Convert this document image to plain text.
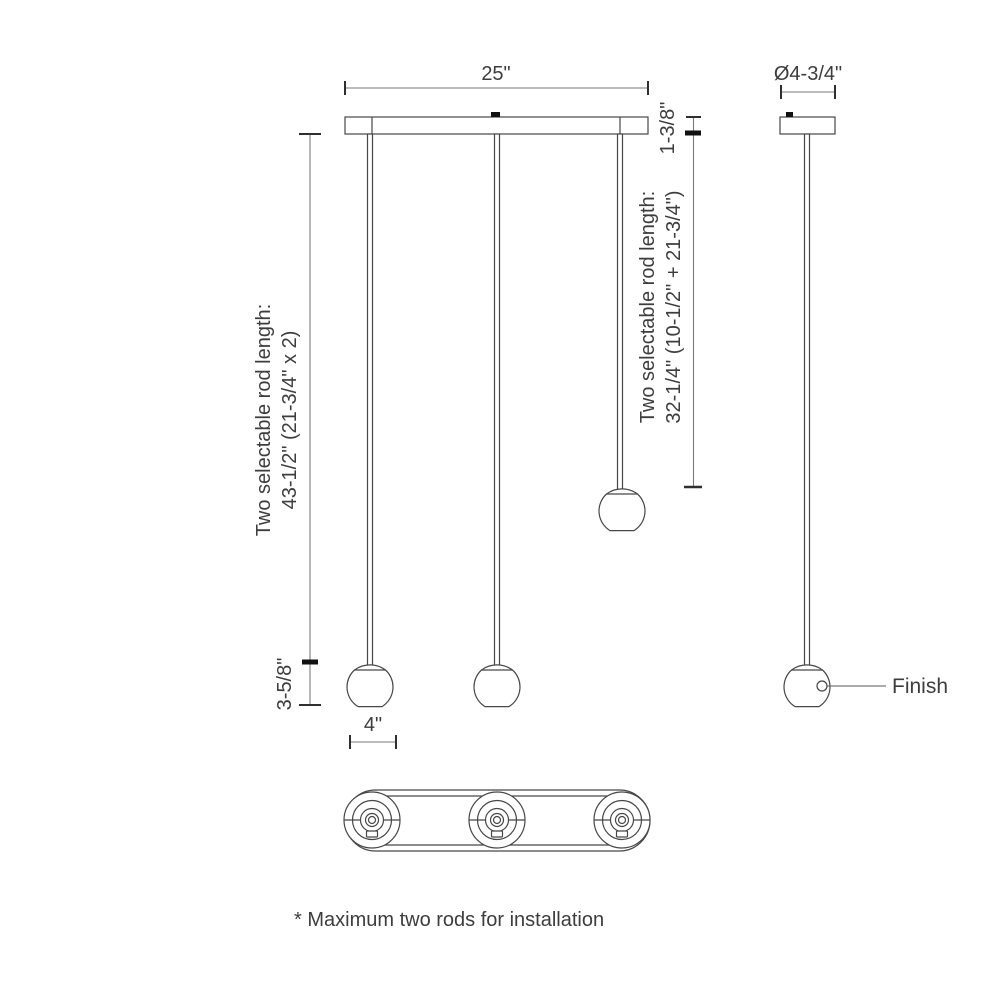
25"
Two selectable rod length: 43-1/2" (21-3/4" x 2)
3-5/8"
1-3/8"
Two selectable rod length: 32-1/4" (10-1/2" + 21-3/4")
4"
Ø4-3/4"
Finish
* Maximum two rods for installation
